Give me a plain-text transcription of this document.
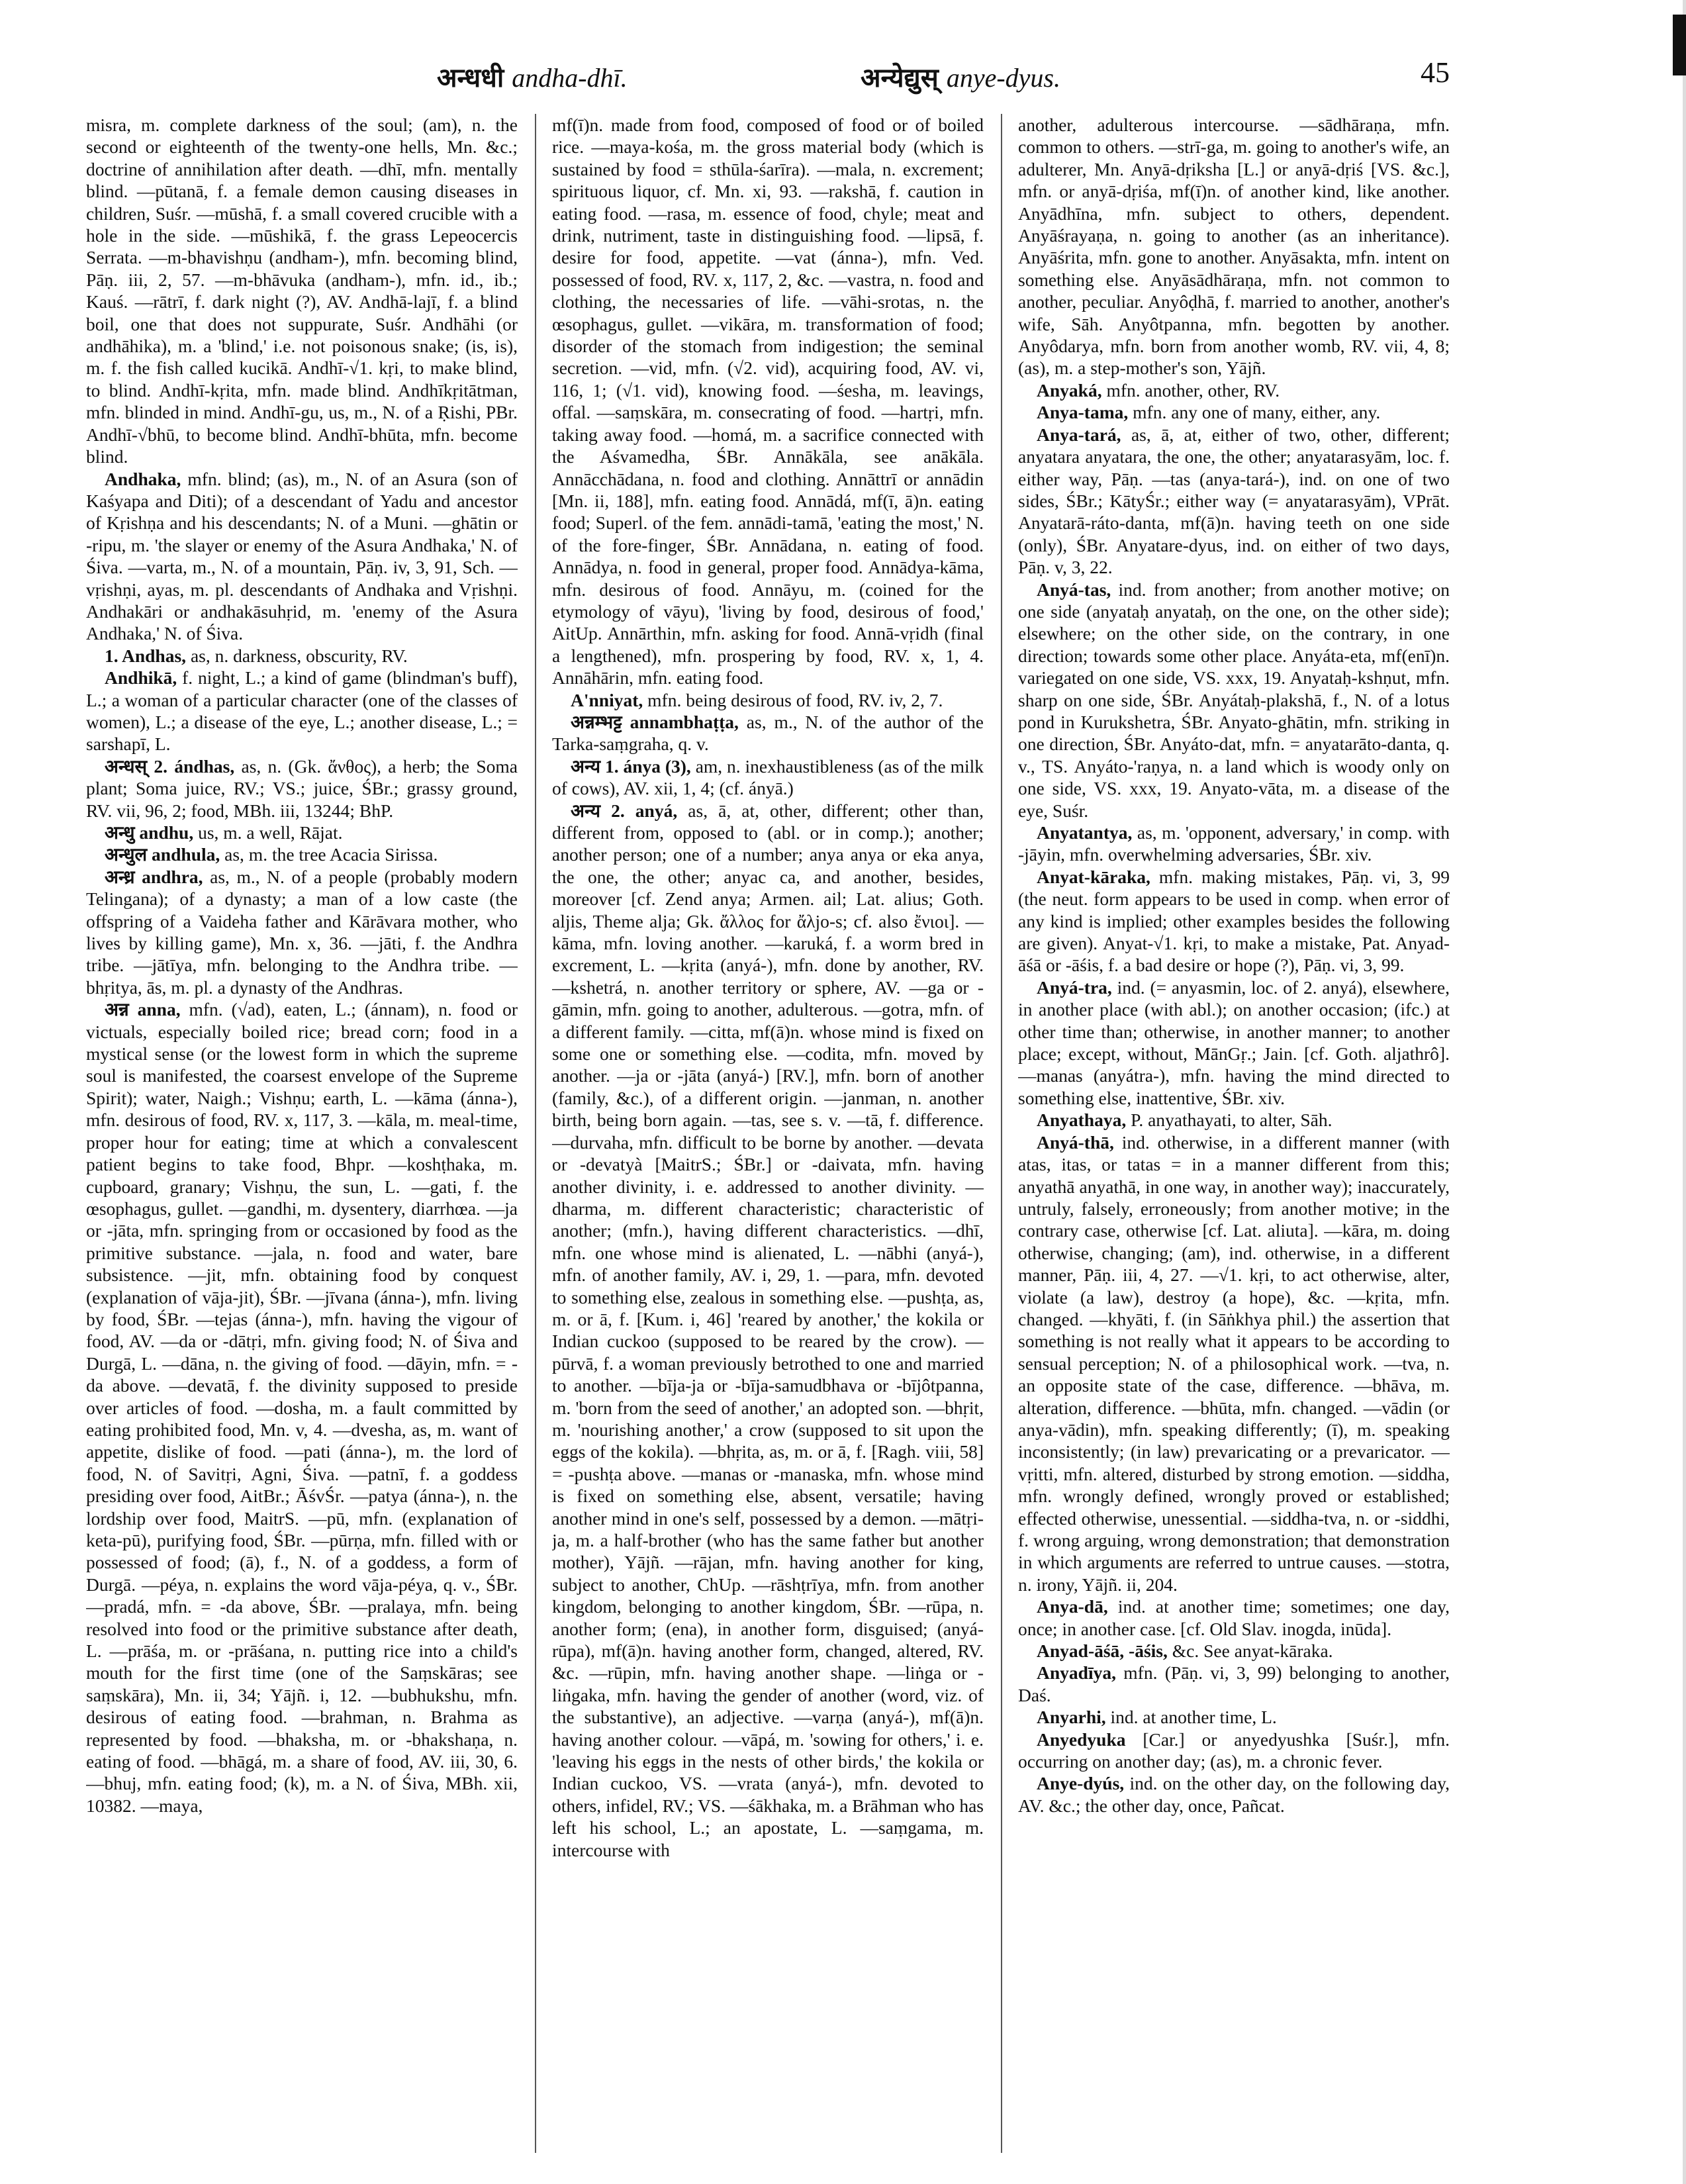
अन्धधी andha-dhī.	अन्येद्युस् anye-dyus.	45

misra, m. complete darkness of the soul; (am), n. the second or eighteenth of the twenty-one hells, Mn. &c.; doctrine of annihilation after death. —dhī, mfn. mentally blind. —pūtanā, f. a female demon causing diseases in children, Suśr. —mūshā, f. a small covered crucible with a hole in the side. —mūshikā, f. the grass Lepeocercis Serrata. —m-bhavishṇu (andham-), mfn. becoming blind, Pāṇ. iii, 2, 57. —m-bhāvuka (andham-), mfn. id., ib.; Kauś. —rātrī, f. dark night (?), AV. Andhā-lajī, f. a blind boil, one that does not suppurate, Suśr. Andhāhi (or andhāhika), m. a 'blind,' i.e. not poisonous snake; (is, is), m. f. the fish called kucikā. Andhī-√1. kṛi, to make blind, to blind. Andhī-kṛita, mfn. made blind. Andhīkṛitātman, mfn. blinded in mind. Andhī-gu, us, m., N. of a Ṛishi, PBr. Andhī-√bhū, to become blind. Andhī-bhūta, mfn. become blind.

Andhaka, mfn. blind; (as), m., N. of an Asura (son of Kaśyapa and Diti); of a descendant of Yadu and ancestor of Kṛishṇa and his descendants; N. of a Muni. —ghātin or -ripu, m. 'the slayer or enemy of the Asura Andhaka,' N. of Śiva. —varta, m., N. of a mountain, Pāṇ. iv, 3, 91, Sch. —vṛishṇi, ayas, m. pl. descendants of Andhaka and Vṛishṇi. Andhakāri or andhakāsuhṛid, m. 'enemy of the Asura Andhaka,' N. of Śiva.

1. Andhas, as, n. darkness, obscurity, RV.

Andhikā, f. night, L.; a kind of game (blindman's buff), L.; a woman of a particular character (one of the classes of women), L.; a disease of the eye, L.; another disease, L.; = sarshapī, L.

अन्धस् 2. ándhas, as, n. (Gk. ἄνθος), a herb; the Soma plant; Soma juice, RV.; VS.; juice, ŚBr.; grassy ground, RV. vii, 96, 2; food, MBh. iii, 13244; BhP.

अन्धु andhu, us, m. a well, Rājat.

अन्धुल andhula, as, m. the tree Acacia Sirissa.

अन्ध्र andhra, as, m., N. of a people (probably modern Telingana); of a dynasty; a man of a low caste (the offspring of a Vaideha father and Kārāvara mother, who lives by killing game), Mn. x, 36. —jāti, f. the Andhra tribe. —jātīya, mfn. belonging to the Andhra tribe. —bhṛitya, ās, m. pl. a dynasty of the Andhras.

अन्न anna, mfn. (√ad), eaten, L.; (ánnam), n. food or victuals, especially boiled rice; bread corn; food in a mystical sense (or the lowest form in which the supreme soul is manifested, the coarsest envelope of the Supreme Spirit); water, Naigh.; Vishṇu; earth, L. —kāma (ánna-), mfn. desirous of food, RV. x, 117, 3. —kāla, m. meal-time, proper hour for eating; time at which a convalescent patient begins to take food, Bhpr. —koshṭhaka, m. cupboard, granary; Vishṇu, the sun, L. —gati, f. the œsophagus, gullet. —gandhi, m. dysentery, diarrhœa. —ja or -jāta, mfn. springing from or occasioned by food as the primitive substance. —jala, n. food and water, bare subsistence. —jit, mfn. obtaining food by conquest (explanation of vāja-jit), ŚBr. —jīvana (ánna-), mfn. living by food, ŚBr. —tejas (ánna-), mfn. having the vigour of food, AV. —da or -dātṛi, mfn. giving food; N. of Śiva and Durgā, L. —dāna, n. the giving of food. —dāyin, mfn. = -da above. —devatā, f. the divinity supposed to preside over articles of food. —dosha, m. a fault committed by eating prohibited food, Mn. v, 4. —dvesha, as, m. want of appetite, dislike of food. —pati (ánna-), m. the lord of food, N. of Savitṛi, Agni, Śiva. —patnī, f. a goddess presiding over food, AitBr.; ĀśvŚr. —patya (ánna-), n. the lordship over food, MaitrS. —pū, mfn. (explanation of keta-pū), purifying food, ŚBr. —pūrṇa, mfn. filled with or possessed of food; (ā), f., N. of a goddess, a form of Durgā. —péya, n. explains the word vāja-péya, q. v., ŚBr. —pradá, mfn. = -da above, ŚBr. —pralaya, mfn. being resolved into food or the primitive substance after death, L. —prāśa, m. or -prāśana, n. putting rice into a child's mouth for the first time (one of the Saṃskāras; see saṃskāra), Mn. ii, 34; Yājñ. i, 12. —bubhukshu, mfn. desirous of eating food. —brahman, n. Brahma as represented by food. —bhaksha, m. or -bhakshaṇa, n. eating of food. —bhāgá, m. a share of food, AV. iii, 30, 6. —bhuj, mfn. eating food; (k), m. a N. of Śiva, MBh. xii, 10382. —maya,

mf(ī)n. made from food, composed of food or of boiled rice. —maya-kośa, m. the gross material body (which is sustained by food = sthūla-śarīra). —mala, n. excrement; spirituous liquor, cf. Mn. xi, 93. —rakshā, f. caution in eating food. —rasa, m. essence of food, chyle; meat and drink, nutriment, taste in distinguishing food. —lipsā, f. desire for food, appetite. —vat (ánna-), mfn. Ved. possessed of food, RV. x, 117, 2, &c. —vastra, n. food and clothing, the necessaries of life. —vāhi-srotas, n. the œsophagus, gullet. —vikāra, m. transformation of food; disorder of the stomach from indigestion; the seminal secretion. —vid, mfn. (√2. vid), acquiring food, AV. vi, 116, 1; (√1. vid), knowing food. —śesha, m. leavings, offal. —saṃskāra, m. consecrating of food. —hartṛi, mfn. taking away food. —homá, m. a sacrifice connected with the Aśvamedha, ŚBr. Annākāla, see anākāla. Annācchādana, n. food and clothing. Annāttrī or annādin [Mn. ii, 188], mfn. eating food. Annādá, mf(ī, ā)n. eating food; Superl. of the fem. annādi-tamā, 'eating the most,' N. of the fore-finger, ŚBr. Annādana, n. eating of food. Annādya, n. food in general, proper food. Annādya-kāma, mfn. desirous of food. Annāyu, m. (coined for the etymology of vāyu), 'living by food, desirous of food,' AitUp. Annārthin, mfn. asking for food. Annā-vṛidh (final a lengthened), mfn. prospering by food, RV. x, 1, 4. Annāhārin, mfn. eating food.

A'nniyat, mfn. being desirous of food, RV. iv, 2, 7.

अन्नम्भट्ट annambhaṭṭa, as, m., N. of the author of the Tarka-saṃgraha, q. v.

अन्य 1. ánya (3), am, n. inexhaustibleness (as of the milk of cows), AV. xii, 1, 4; (cf. ányā.)

अन्य 2. anyá, as, ā, at, other, different; other than, different from, opposed to (abl. or in comp.); another; another person; one of a number; anya anya or eka anya, the one, the other; anyac ca, and another, besides, moreover [cf. Zend anya; Armen. ail; Lat. alius; Goth. aljis, Theme alja; Gk. ἄλλος for ἄλjo-s; cf. also ἔνιοι]. —kāma, mfn. loving another. —karuká, f. a worm bred in excrement, L. —kṛita (anyá-), mfn. done by another, RV. —kshetrá, n. another territory or sphere, AV. —ga or -gāmin, mfn. going to another, adulterous. —gotra, mfn. of a different family. —citta, mf(ā)n. whose mind is fixed on some one or something else. —codita, mfn. moved by another. —ja or -jāta (anyá-) [RV.], mfn. born of another (family, &c.), of a different origin. —janman, n. another birth, being born again. —tas, see s. v. —tā, f. difference. —durvaha, mfn. difficult to be borne by another. —devata or -devatyà [MaitrS.; ŚBr.] or -daivata, mfn. having another divinity, i. e. addressed to another divinity. —dharma, m. different characteristic; characteristic of another; (mfn.), having different characteristics. —dhī, mfn. one whose mind is alienated, L. —nābhi (anyá-), mfn. of another family, AV. i, 29, 1. —para, mfn. devoted to something else, zealous in something else. —pushṭa, as, m. or ā, f. [Kum. i, 46] 'reared by another,' the kokila or Indian cuckoo (supposed to be reared by the crow). —pūrvā, f. a woman previously betrothed to one and married to another. —bīja-ja or -bīja-samudbhava or -bījôtpanna, m. 'born from the seed of another,' an adopted son. —bhṛit, m. 'nourishing another,' a crow (supposed to sit upon the eggs of the kokila). —bhṛita, as, m. or ā, f. [Ragh. viii, 58] = -pushṭa above. —manas or -manaska, mfn. whose mind is fixed on something else, absent, versatile; having another mind in one's self, possessed by a demon. —mātṛi-ja, m. a half-brother (who has the same father but another mother), Yājñ. —rājan, mfn. having another for king, subject to another, ChUp. —rāshṭrīya, mfn. from another kingdom, belonging to another kingdom, ŚBr. —rūpa, n. another form; (ena), in another form, disguised; (anyá-rūpa), mf(ā)n. having another form, changed, altered, RV. &c. —rūpin, mfn. having another shape. —liṅga or -liṅgaka, mfn. having the gender of another (word, viz. of the substantive), an adjective. —varṇa (anyá-), mf(ā)n. having another colour. —vāpá, m. 'sowing for others,' i. e. 'leaving his eggs in the nests of other birds,' the kokila or Indian cuckoo, VS. —vrata (anyá-), mfn. devoted to others, infidel, RV.; VS. —śākhaka, m. a Brāhman who has left his school, L.; an apostate, L. —saṃgama, m. intercourse with

another, adulterous intercourse. —sādhāraṇa, mfn. common to others. —strī-ga, m. going to another's wife, an adulterer, Mn. Anyā-dṛiksha [L.] or anyā-dṛiś [VS. &c.], mfn. or anyā-dṛiśa, mf(ī)n. of another kind, like another. Anyādhīna, mfn. subject to others, dependent. Anyāśrayaṇa, n. going to another (as an inheritance). Anyāśrita, mfn. gone to another. Anyāsakta, mfn. intent on something else. Anyāsādhāraṇa, mfn. not common to another, peculiar. Anyôḍhā, f. married to another, another's wife, Sāh. Anyôtpanna, mfn. begotten by another. Anyôdarya, mfn. born from another womb, RV. vii, 4, 8; (as), m. a step-mother's son, Yājñ.

Anyaká, mfn. another, other, RV.

Anya-tama, mfn. any one of many, either, any.

Anya-tará, as, ā, at, either of two, other, different; anyatara anyatara, the one, the other; anyatarasyām, loc. f. either way, Pāṇ. —tas (anya-tará-), ind. on one of two sides, ŚBr.; KātyŚr.; either way (= anyatarasyām), VPrāt. Anyatarā-ráto-danta, mf(ā)n. having teeth on one side (only), ŚBr. Anyatare-dyus, ind. on either of two days, Pāṇ. v, 3, 22.

Anyá-tas, ind. from another; from another motive; on one side (anyataḥ anyataḥ, on the one, on the other side); elsewhere; on the other side, on the contrary, in one direction; towards some other place. Anyáta-eta, mf(enī)n. variegated on one side, VS. xxx, 19. Anyataḥ-kshṇut, mfn. sharp on one side, ŚBr. Anyátaḥ-plakshā, f., N. of a lotus pond in Kurukshetra, ŚBr. Anyato-ghātin, mfn. striking in one direction, ŚBr. Anyáto-dat, mfn. = anyatarāto-danta, q. v., TS. Anyáto-'raṇya, n. a land which is woody only on one side, VS. xxx, 19. Anyato-vāta, m. a disease of the eye, Suśr.

Anyatantya, as, m. 'opponent, adversary,' in comp. with -jāyin, mfn. overwhelming adversaries, ŚBr. xiv.

Anyat-kāraka, mfn. making mistakes, Pāṇ. vi, 3, 99 (the neut. form appears to be used in comp. when error of any kind is implied; other examples besides the following are given). Anyat-√1. kṛi, to make a mistake, Pat. Anyad-āśā or -āśis, f. a bad desire or hope (?), Pāṇ. vi, 3, 99.

Anyá-tra, ind. (= anyasmin, loc. of 2. anyá), elsewhere, in another place (with abl.); on another occasion; (ifc.) at other time than; otherwise, in another manner; to another place; except, without, MānGṛ.; Jain. [cf. Goth. aljathrô]. —manas (anyátra-), mfn. having the mind directed to something else, inattentive, ŚBr. xiv.

Anyathaya, P. anyathayati, to alter, Sāh.

Anyá-thā, ind. otherwise, in a different manner (with atas, itas, or tatas = in a manner different from this; anyathā anyathā, in one way, in another way); inaccurately, untruly, falsely, erroneously; from another motive; in the contrary case, otherwise [cf. Lat. aliuta]. —kāra, m. doing otherwise, changing; (am), ind. otherwise, in a different manner, Pāṇ. iii, 4, 27. —√1. kṛi, to act otherwise, alter, violate (a law), destroy (a hope), &c. —kṛita, mfn. changed. —khyāti, f. (in Sāṅkhya phil.) the assertion that something is not really what it appears to be according to sensual perception; N. of a philosophical work. —tva, n. an opposite state of the case, difference. —bhāva, m. alteration, difference. —bhūta, mfn. changed. —vādin (or anya-vādin), mfn. speaking differently; (ī), m. speaking inconsistently; (in law) prevaricating or a prevaricator. —vṛitti, mfn. altered, disturbed by strong emotion. —siddha, mfn. wrongly defined, wrongly proved or established; effected otherwise, unessential. —siddha-tva, n. or -siddhi, f. wrong arguing, wrong demonstration; that demonstration in which arguments are referred to untrue causes. —stotra, n. irony, Yājñ. ii, 204.

Anya-dā, ind. at another time; sometimes; one day, once; in another case. [cf. Old Slav. inogda, inūda].

Anyad-āśā, -āśis, &c. See anyat-kāraka.

Anyadīya, mfn. (Pāṇ. vi, 3, 99) belonging to another, Daś.

Anyarhi, ind. at another time, L.

Anyedyuka [Car.] or anyedyushka [Suśr.], mfn. occurring on another day; (as), m. a chronic fever.

Anye-dyús, ind. on the other day, on the following day, AV. &c.; the other day, once, Pañcat.
